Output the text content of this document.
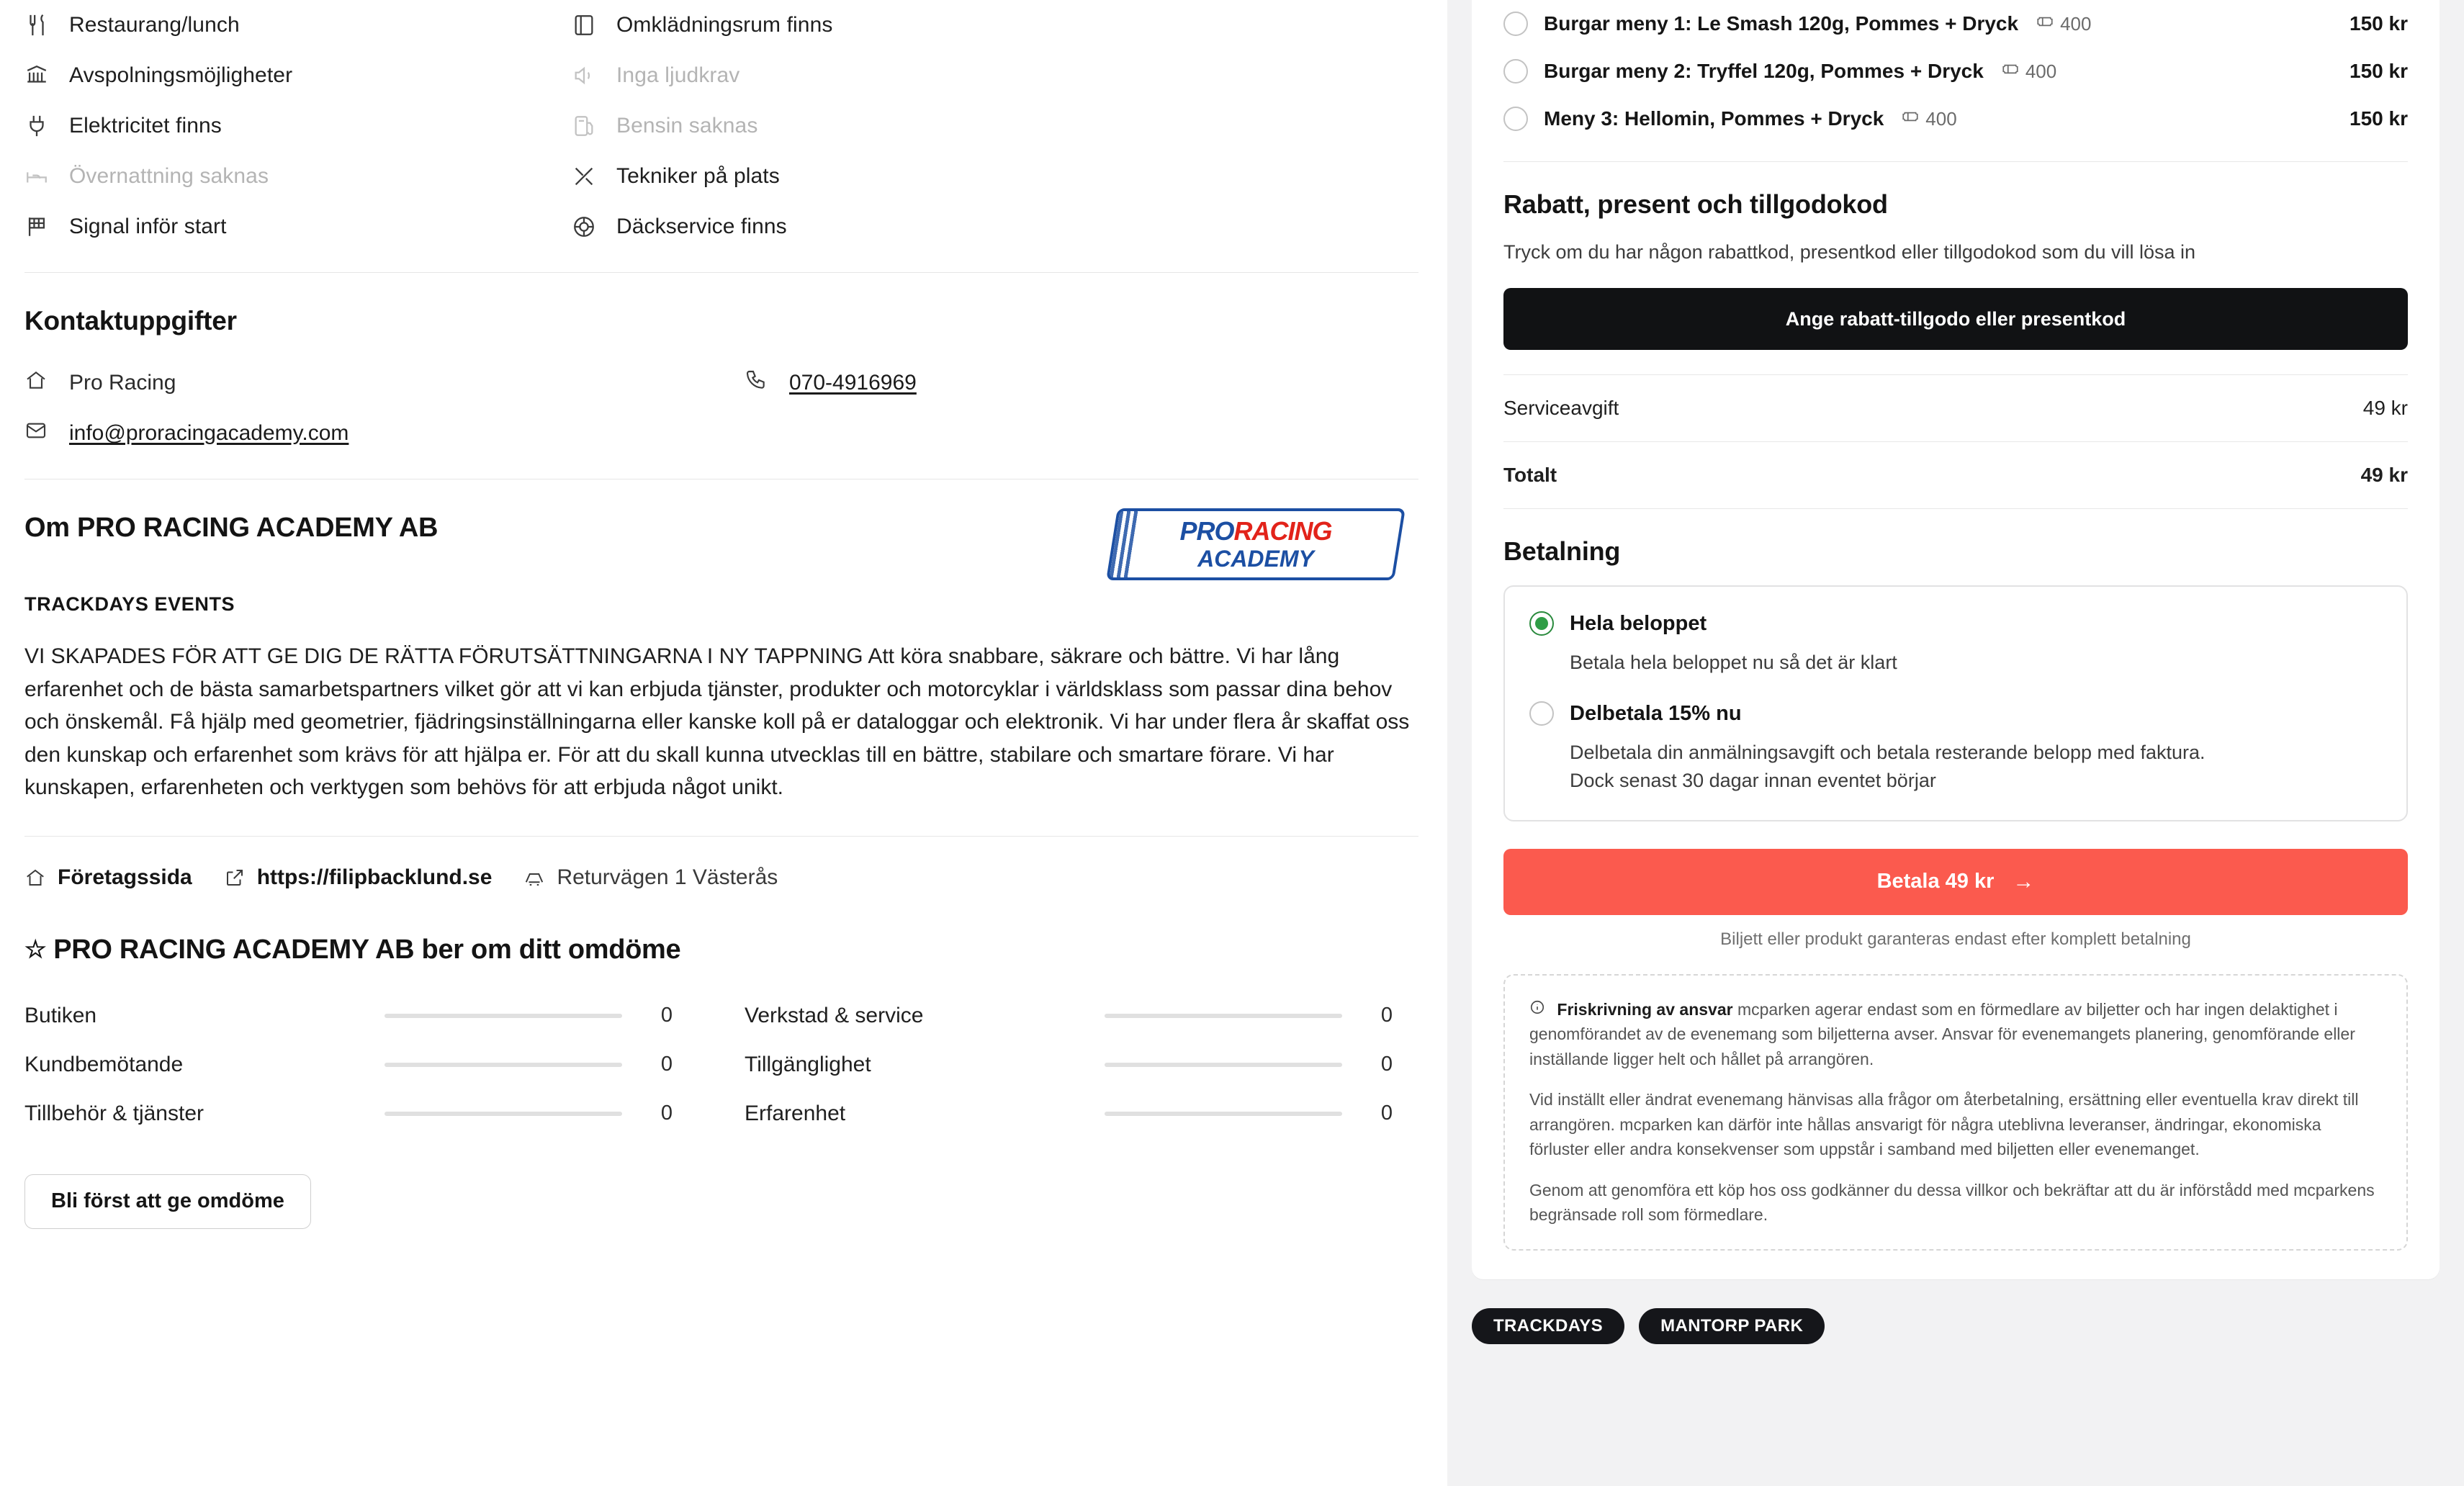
Restaurang/lunch	Omklädningsrum finns
Avspolningsmöjligheter	Inga ljudkrav
Elektricitet finns	Bensin saknas
Övernattning saknas	Tekniker på plats
Signal inför start	Däckservice finns
Kontaktuppgifter
Pro Racing	070-4916969
info@proracingacademy.com
Om PRO RACING ACADEMY AB	PRORACING
ACADEMY
TRACKDAYS EVENTS
VI SKAPADES FÖR ATT GE DIG DE RÄTTA FÖRUTSÄTTNINGARNA I NY TAPPNING Att köra snabbare, säkrare och bättre. Vi har lång erfarenhet och de bästa samarbetspartners vilket gör att vi kan erbjuda tjänster, produkter och motorcyklar i världsklass som passar dina behov och önskemål. Få hjälp med geometrier, fjädringsinställningarna eller kanske koll på er dataloggar och elektronik. Vi har under flera år skaffat oss den kunskap och erfarenhet som krävs för att hjälpa er. För att du skall kunna utvecklas till en bättre, stabilare och smartare förare. Vi har kunskapen, erfarenheten och verktygen som behövs för att erbjuda något unikt.
Företagssida	https://filipbacklund.se	Returvägen 1 Västerås
☆ PRO RACING ACADEMY AB ber om ditt omdöme
Butiken	0	Verkstad & service	0
Kundbemötande	0	Tillgänglighet	0
Tillbehör & tjänster	0	Erfarenhet	0
Bli först att ge omdöme
Burgar meny 1: Le Smash 120g, Pommes + Dryck 400	150 kr
Burgar meny 2: Tryffel 120g, Pommes + Dryck 400	150 kr
Meny 3: Hellomin, Pommes + Dryck 400	150 kr
Rabatt, present och tillgodokod
Tryck om du har någon rabattkod, presentkod eller tillgodokod som du vill lösa in
Ange rabatt-tillgodo eller presentkod
Serviceavgift	49 kr
Totalt	49 kr
Betalning
Hela beloppet
Betala hela beloppet nu så det är klart
Delbetala 15% nu
Delbetala din anmälningsavgift och betala resterande belopp med faktura. Dock senast 30 dagar innan eventet börjar
Betala 49 kr →
Biljett eller produkt garanteras endast efter komplett betalning

Friskrivning av ansvar mcparken agerar endast som en förmedlare av biljetter och har ingen delaktighet i genomförandet av de evenemang som biljetterna avser. Ansvar för evenemangets planering, genomförande eller inställande ligger helt och hållet på arrangören.

Vid inställt eller ändrat evenemang hänvisas alla frågor om återbetalning, ersättning eller eventuella krav direkt till arrangören. mcparken kan därför inte hållas ansvarigt för några uteblivna leveranser, ändringar, ekonomiska förluster eller andra konsekvenser som uppstår i samband med biljetten eller evenemanget.

Genom att genomföra ett köp hos oss godkänner du dessa villkor och bekräftar att du är införstådd med mcparkens begränsade roll som förmedlare.

TRACKDAYS	MANTORP PARK
